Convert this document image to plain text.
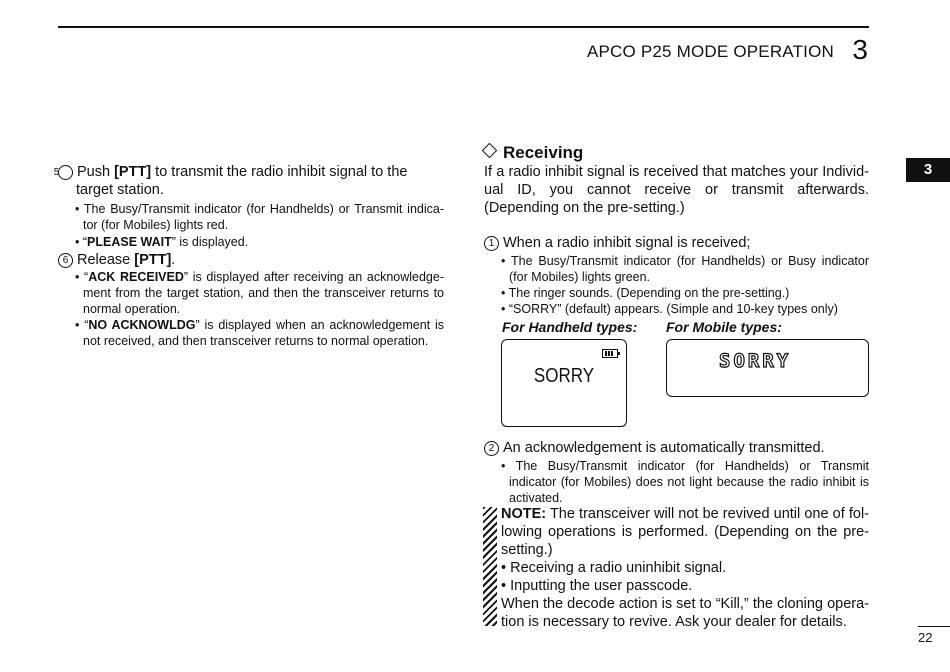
APCO P25 MODE OPERATION 3
3
5 Push [PTT] to transmit the radio inhibit signal to the target station.
• The Busy/Transmit indicator (for Handhelds) or Transmit indica-tor (for Mobiles) lights red.
• “PLEASE WAIT” is displayed.
6 Release [PTT].
• “ACK RECEIVED” is displayed after receiving an acknowledge-ment from the target station, and then the transceiver returns to normal operation.
• “NO ACKNOWLDG” is displayed when an acknowledgement is not received, and then transceiver returns to normal operation.
Receiving
If a radio inhibit signal is received that matches your Individ-ual ID, you cannot receive or transmit afterwards. (Depending on the pre-setting.)
1 When a radio inhibit signal is received;
• The Busy/Transmit indicator (for Handhelds) or Busy indicator (for Mobiles) lights green.
• The ringer sounds. (Depending on the pre-setting.)
• “SORRY” (default) appears. (Simple and 10-key types only)
For Handheld types: For Mobile types:
SORRY
SORRY
2 An acknowledgement is automatically transmitted.
• The Busy/Transmit indicator (for Handhelds) or Transmit indicator (for Mobiles) does not light because the radio inhibit is activated.
NOTE: The transceiver will not be revived until one of fol-lowing operations is performed. (Depending on the pre-setting.)
• Receiving a radio uninhibit signal.
• Inputting the user passcode.
When the decode action is set to “Kill,” the cloning opera-tion is necessary to revive. Ask your dealer for details.
22
